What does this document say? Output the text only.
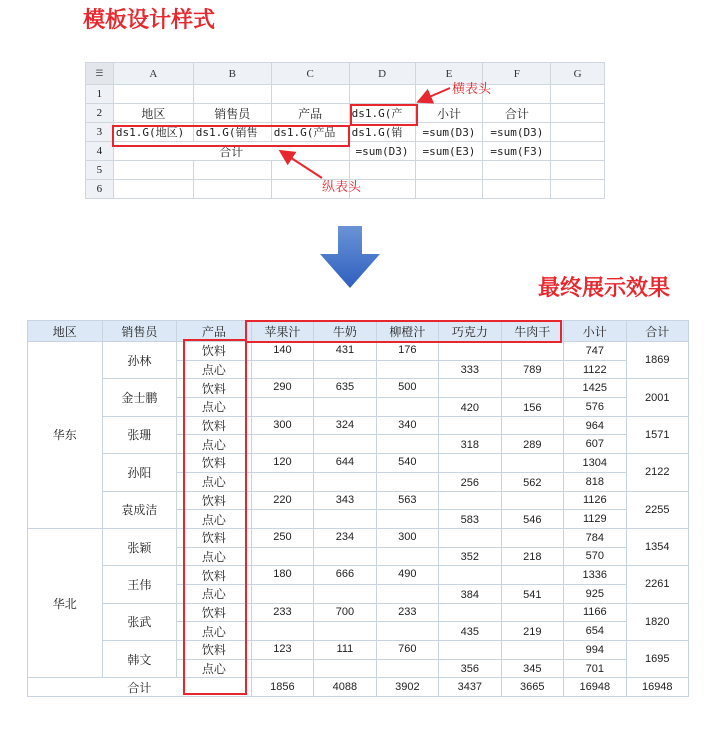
模板设计样式
最终展示效果
☰	A	B	C	D	E	F	G
1							
2	地区	销售员	产品	ds1.G(产	小计	合计	
3	ds1.G(地区)	ds1.G(销售	ds1.G(产品	ds1.G(销	=sum(D3)	=sum(D3)	
4	合计			=sum(D3)	=sum(E3)	=sum(F3)	
5							
6							
横表头
纵表头
地区	销售员	产品	苹果汁	牛奶	柳橙汁	巧克力	牛肉干	小计	合计
华东	孙林	饮料	140	431	176			747	1869
		点心				333	789	1122	
	金士鹏	饮料	290	635	500			1425	2001
		点心				420	156	576	
	张珊	饮料	300	324	340			964	1571
		点心				318	289	607	
	孙阳	饮料	120	644	540			1304	2122
		点心				256	562	818	
	袁成洁	饮料	220	343	563			1126	2255
		点心				583	546	1129	
华北	张颖	饮料	250	234	300			784	1354
		点心				352	218	570	
	王伟	饮料	180	666	490			1336	2261
		点心				384	541	925	
	张武	饮料	233	700	233			1166	1820
		点心				435	219	654	
	韩文	饮料	123	111	760			994	1695
		点心				356	345	701	
合计			1856	4088	3902	3437	3665	16948	16948
